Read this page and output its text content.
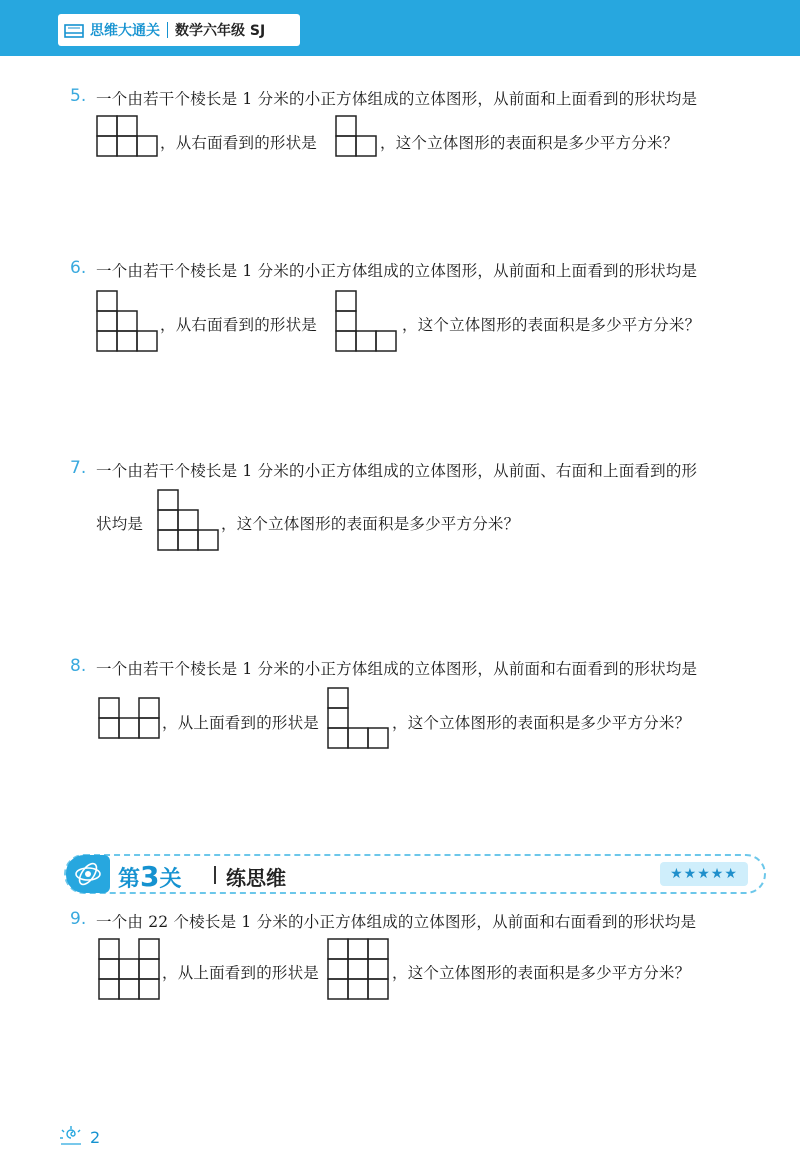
思维大通关 数学六年级 SJ
5. 一个由若干个棱长是 1 分米的小正方体组成的立体图形，从前面和上面看到的形状均是
，从右面看到的形状是	，这个立体图形的表面积是多少平方分米？
6. 一个由若干个棱长是 1 分米的小正方体组成的立体图形，从前面和上面看到的形状均是
，从右面看到的形状是	，这个立体图形的表面积是多少平方分米？
7. 一个由若干个棱长是 1 分米的小正方体组成的立体图形，从前面、右面和上面看到的形
状均是	，这个立体图形的表面积是多少平方分米？
8. 一个由若干个棱长是 1 分米的小正方体组成的立体图形，从前面和右面看到的形状均是
，从上面看到的形状是	，这个立体图形的表面积是多少平方分米？
第3关 练思维	★★★★★
9. 一个由 22 个棱长是 1 分米的小正方体组成的立体图形，从前面和右面看到的形状均是
，从上面看到的形状是	，这个立体图形的表面积是多少平方分米？
2
